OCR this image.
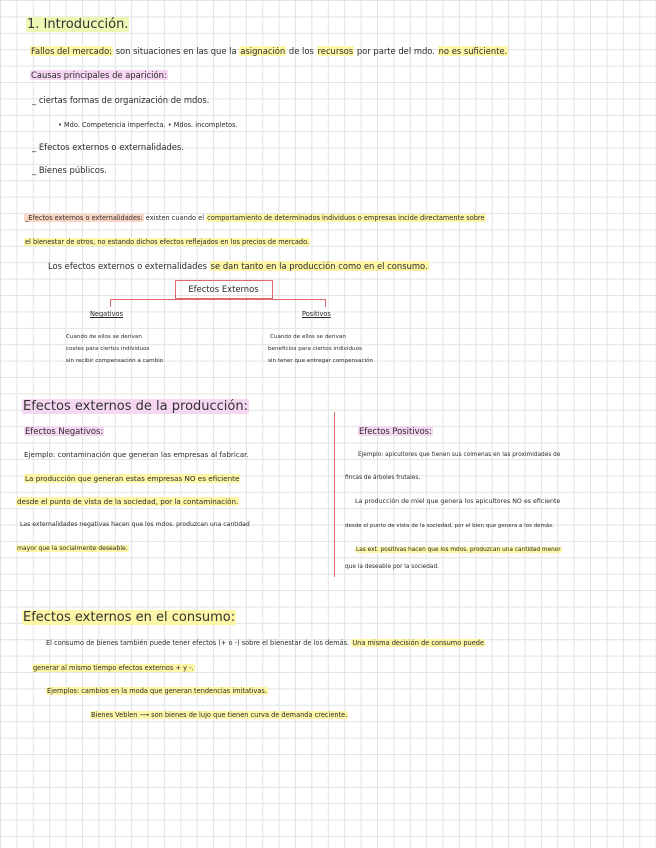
1. Introducción.
Fallos del mercado: son situaciones en las que la asignación de los recursos por parte del mdo. no es suficiente.
Causas principales de aparición:
_ ciertas formas de organización de mdos.
• Mdo. Competencia imperfecta. • Mdos. incompletos.
_ Efectos externos o externalidades.
_ Bienes públicos.
_Efectos externos o externalidades: existen cuando el comportamiento de determinados individuos o empresas incide directamente sobre
el bienestar de otros, no estando dichos efectos reflejados en los precios de mercado.
Los efectos externos o externalidades se dan tanto en la producción como en el consumo.
Efectos Externos
Negativos	Positivos
Cuando de ellos se derivan
costes para ciertos individuos
sin recibir compensación a cambio
Cuando de ellos se derivan
beneficios para ciertos individuos
sin tener que entregar compensación
Efectos externos de la producción:
Efectos Negativos:
Ejemplo: contaminación que generan las empresas al fabricar.
La producción que generan estas empresas NO es eficiente
desde el punto de vista de la sociedad, por la contaminación.
Las externalidades negativas hacen que los mdos. produzcan una cantidad
mayor que la socialmente deseable.
Efectos Positivos:
Ejemplo: apicultores que tienen sus colmenas en las proximidades de
fincas de árboles frutales.
La producción de miel que genera los apicultores NO es eficiente
desde el punto de vista de la sociedad, por el bien que genera a los demás.
Las ext. positivas hacen que los mdos. produzcan una cantidad menor
que la deseable por la sociedad.
Efectos externos en el consumo:
El consumo de bienes también puede tener efectos (+ o -) sobre el bienestar de los demás. Una misma decisión de consumo puede
generar al mismo tiempo efectos externos + y -.
Ejemplos: cambios en la moda que generan tendencias imitativas.
Bienes Veblen ⟶ son bienes de lujo que tienen curva de demanda creciente.
